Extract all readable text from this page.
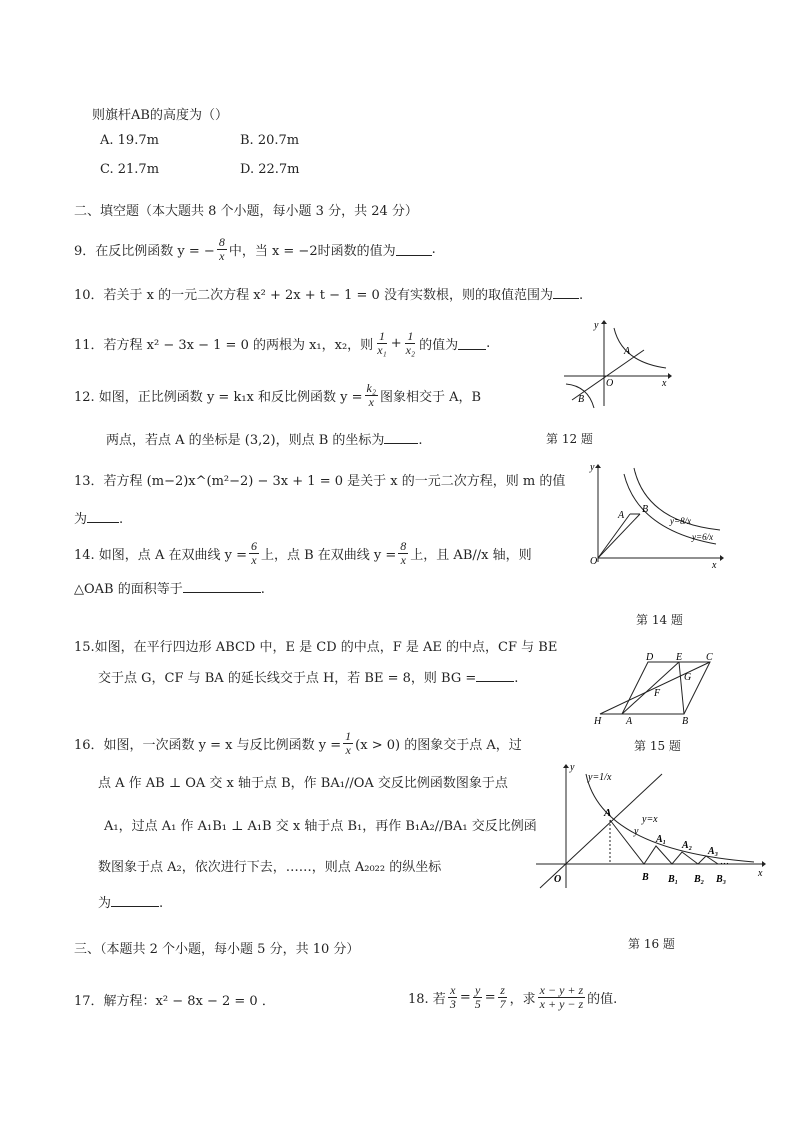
则旗杆AB的高度为（）
A. 19.7m	B. 20.7m
C. 21.7m	D. 22.7m
二、填空题（本大题共 8 个小题，每小题 3 分，共 24 分）
9． 在反比例函数 y = − $\frac{8}{x}$ 中，当 x = −2时函数的值为	.
10．若关于 x 的一元二次方程 x² + 2x + t − 1 = 0 没有实数根，则的取值范围为 .
11．若方程 x² − 3x − 1 = 0 的两根为 x₁，x₂，则 $\frac{1}{\text{x₁}} + \frac{1}{\text{x₂}}$ 的值为 .
12. 如图，正比例函数 y = k₁x 和反比例函数 $y = \frac{\text{k₂}}{x}$ 图象相交于 A，B
两点，若点 A 的坐标是 (3,2)，则点 B 的坐标为	.
y
x
O
A
B
第 12 题
13．若方程 (m−2)x^(m²−2) − 3x + 1 = 0 是关于 x 的一元二次方程，则 m 的值
为 .
14. 如图，点 A 在双曲线 $y = \frac{6}{x}$ 上，点 B 在双曲线 $y = \frac{8}{x}$ 上，且 AB//x 轴，则
△OAB 的面积等于	.
y
x
O
A
B
y=8/x
y=6/x
第 14 题
15.如图，在平行四边形 ABCD 中，E 是 CD 的中点，F 是 AE 的中点，CF 与 BE
交于点 G，CF 与 BA 的延长线交于点 H，若 BE = 8，则 BG =	.
D E C
F
G
H A	B
第 15 题
16．如图，一次函数 y = x 与反比例函数 $y = \frac{1}{x} (x > 0)$ 的图象交于点 A，过
点 A 作 AB ⊥ OA 交 x 轴于点 B，作 BA₁//OA 交反比例函数图象于点
A₁，过点 A₁ 作 A₁B₁ ⊥ A₁B 交 x 轴于点 B₁，再作 B₁A₂//BA₁ 交反比例函
数图象于点 A₂，依次进行下去，……，则点 A₂₀₂₂ 的纵坐标
为	.
…
y
y=1/x
A
y=x
y
A₁
A₂
A₃
O	B B₁ B₂ B₃
x
第 16 题
三、（本题共 2 个小题，每小题 5 分，共 10 分）
17．解方程：x² − 8x − 2 = 0 ．	18. 若 $\frac{x}{3} = \frac{y}{5} = \frac{z}{7}$ ，求 $\frac{x - y + z}{x + y - z}$ 的值.
